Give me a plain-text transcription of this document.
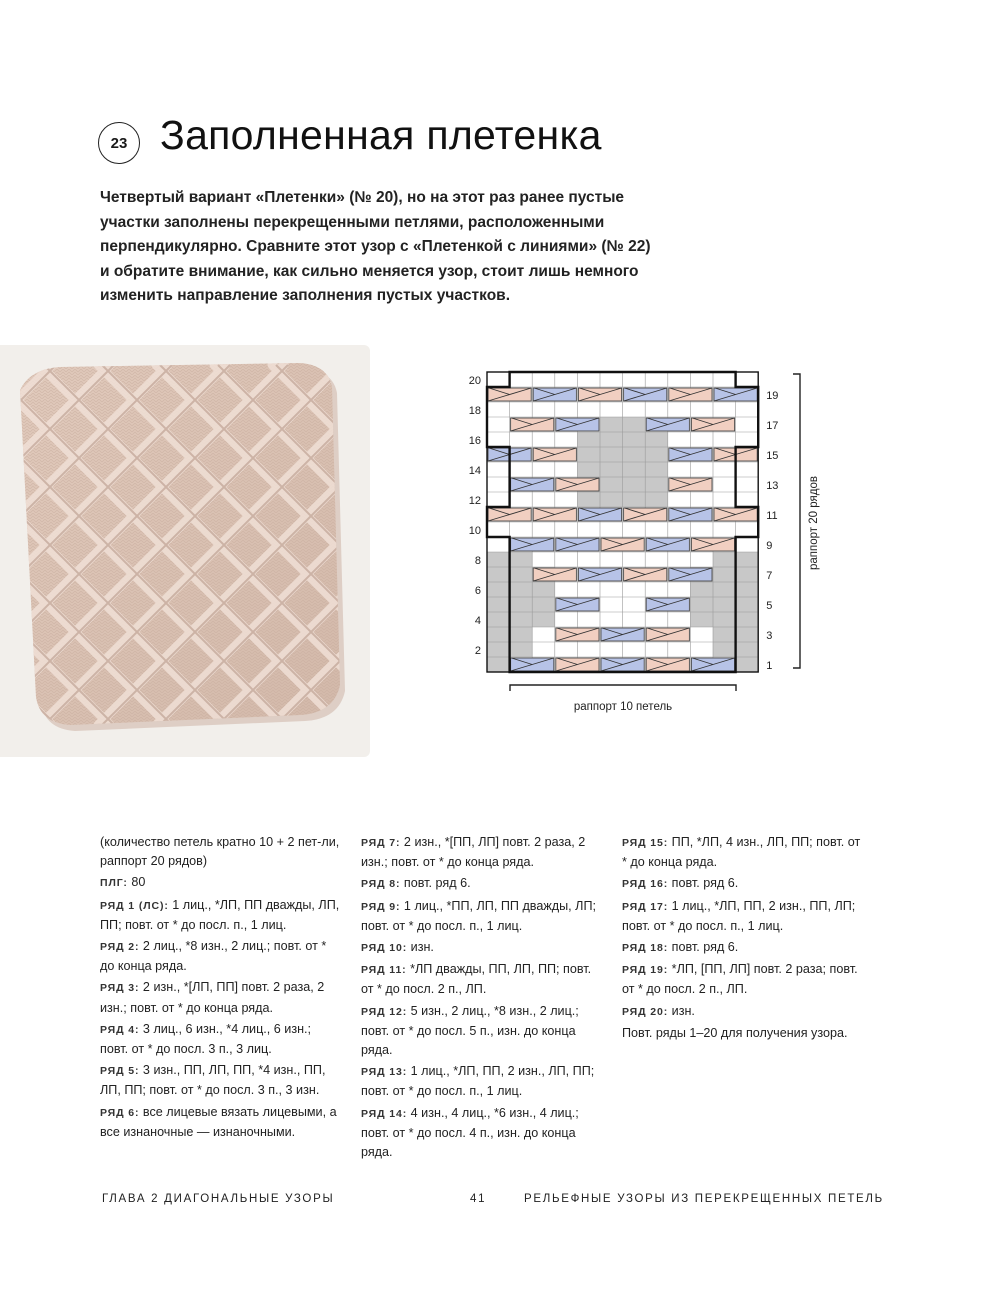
23 Заполненная плетенка

Четвертый вариант «Плетенки» (№ 20), но на этот раз ранее пустые участки заполнены перекрещенными петлями, расположенными перпендикулярно. Сравните этот узор с «Плетенкой с линиями» (№ 22) и обратите внимание, как сильно меняется узор, стоит лишь немного изменить направление заполнения пустых участков.

20
18
16
14
12
10
8
6
4
2
19
17
15
13
11
9
7
5
3
1
раппорт 20 рядов
раппорт 10 петель

(количество петель кратно 10 + 2 пет-ли, раппорт 20 рядов)

ПЛГ: 80

РЯД 1 (ЛС): 1 лиц., *ЛП, ПП дважды, ЛП, ПП; повт. от * до посл. п., 1 лиц.

РЯД 2: 2 лиц., *8 изн., 2 лиц.; повт. от * до конца ряда.

РЯД 3: 2 изн., *[ЛП, ПП] повт. 2 раза, 2 изн.; повт. от * до конца ряда.

РЯД 4: 3 лиц., 6 изн., *4 лиц., 6 изн.; повт. от * до посл. 3 п., 3 лиц.

РЯД 5: 3 изн., ПП, ЛП, ПП, *4 изн., ПП, ЛП, ПП; повт. от * до посл. 3 п., 3 изн.

РЯД 6: все лицевые вязать лицевыми, а все изнаночные — изнаночными.

РЯД 7: 2 изн., *[ПП, ЛП] повт. 2 раза, 2 изн.; повт. от * до конца ряда.

РЯД 8: повт. ряд 6.

РЯД 9: 1 лиц., *ПП, ЛП, ПП дважды, ЛП; повт. от * до посл. п., 1 лиц.

РЯД 10: изн.

РЯД 11: *ЛП дважды, ПП, ЛП, ПП; повт. от * до посл. 2 п., ЛП.

РЯД 12: 5 изн., 2 лиц., *8 изн., 2 лиц.; повт. от * до посл. 5 п., изн. до конца ряда.

РЯД 13: 1 лиц., *ЛП, ПП, 2 изн., ЛП, ПП; повт. от * до посл. п., 1 лиц.

РЯД 14: 4 изн., 4 лиц., *6 изн., 4 лиц.; повт. от * до посл. 4 п., изн. до конца ряда.

РЯД 15: ПП, *ЛП, 4 изн., ЛП, ПП; повт. от * до конца ряда.

РЯД 16: повт. ряд 6.

РЯД 17: 1 лиц., *ЛП, ПП, 2 изн., ПП, ЛП; повт. от * до посл. п., 1 лиц.

РЯД 18: повт. ряд 6.

РЯД 19: *ЛП, [ПП, ЛП] повт. 2 раза; повт. от * до посл. 2 п., ЛП.

РЯД 20: изн.

Повт. ряды 1–20 для получения узора.

ГЛАВА 2 ДИАГОНАЛЬНЫЕ УЗОРЫ	41	РЕЛЬЕФНЫЕ УЗОРЫ ИЗ ПЕРЕКРЕЩЕННЫХ ПЕТЕЛЬ
